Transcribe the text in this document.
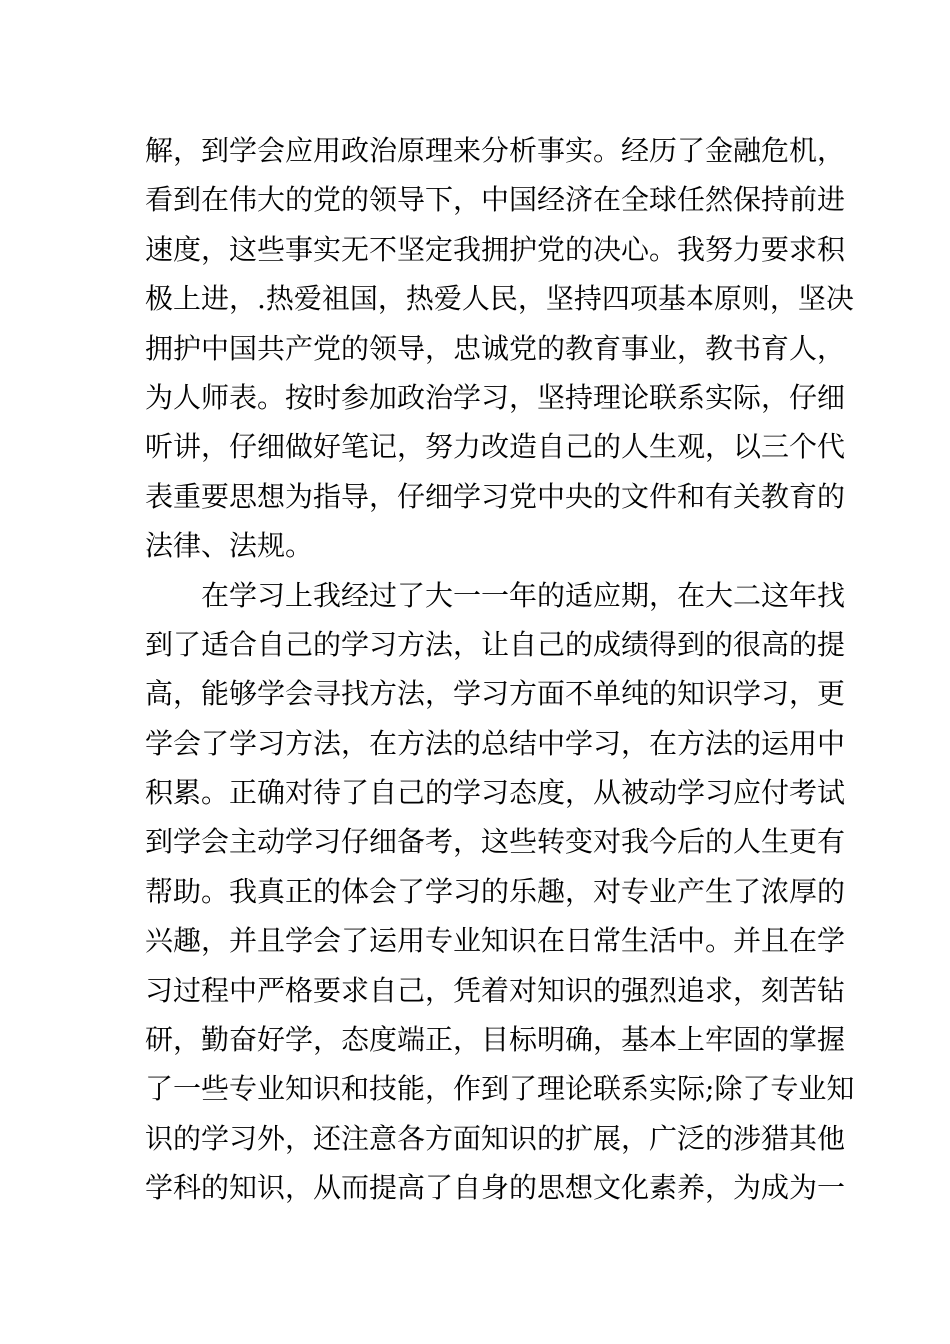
解，到学会应用政治原理来分析事实。经历了金融危机，
看到在伟大的党的领导下，中国经济在全球任然保持前进
速度，这些事实无不坚定我拥护党的决心。我努力要求积
极上进，.热爱祖国，热爱人民，坚持四项基本原则，坚决
拥护中国共产党的领导，忠诚党的教育事业，教书育人，
为人师表。按时参加政治学习，坚持理论联系实际，仔细
听讲，仔细做好笔记，努力改造自己的人生观，以三个代
表重要思想为指导，仔细学习党中央的文件和有关教育的
法律、法规。
在学习上我经过了大一一年的适应期，在大二这年找
到了适合自己的学习方法，让自己的成绩得到的很高的提
高，能够学会寻找方法，学习方面不单纯的知识学习，更
学会了学习方法，在方法的总结中学习，在方法的运用中
积累。正确对待了自己的学习态度，从被动学习应付考试
到学会主动学习仔细备考，这些转变对我今后的人生更有
帮助。我真正的体会了学习的乐趣，对专业产生了浓厚的
兴趣，并且学会了运用专业知识在日常生活中。并且在学
习过程中严格要求自己，凭着对知识的强烈追求，刻苦钻
研，勤奋好学，态度端正，目标明确，基本上牢固的掌握
了一些专业知识和技能，作到了理论联系实际;除了专业知
识的学习外，还注意各方面知识的扩展，广泛的涉猎其他
学科的知识，从而提高了自身的思想文化素养，为成为一
